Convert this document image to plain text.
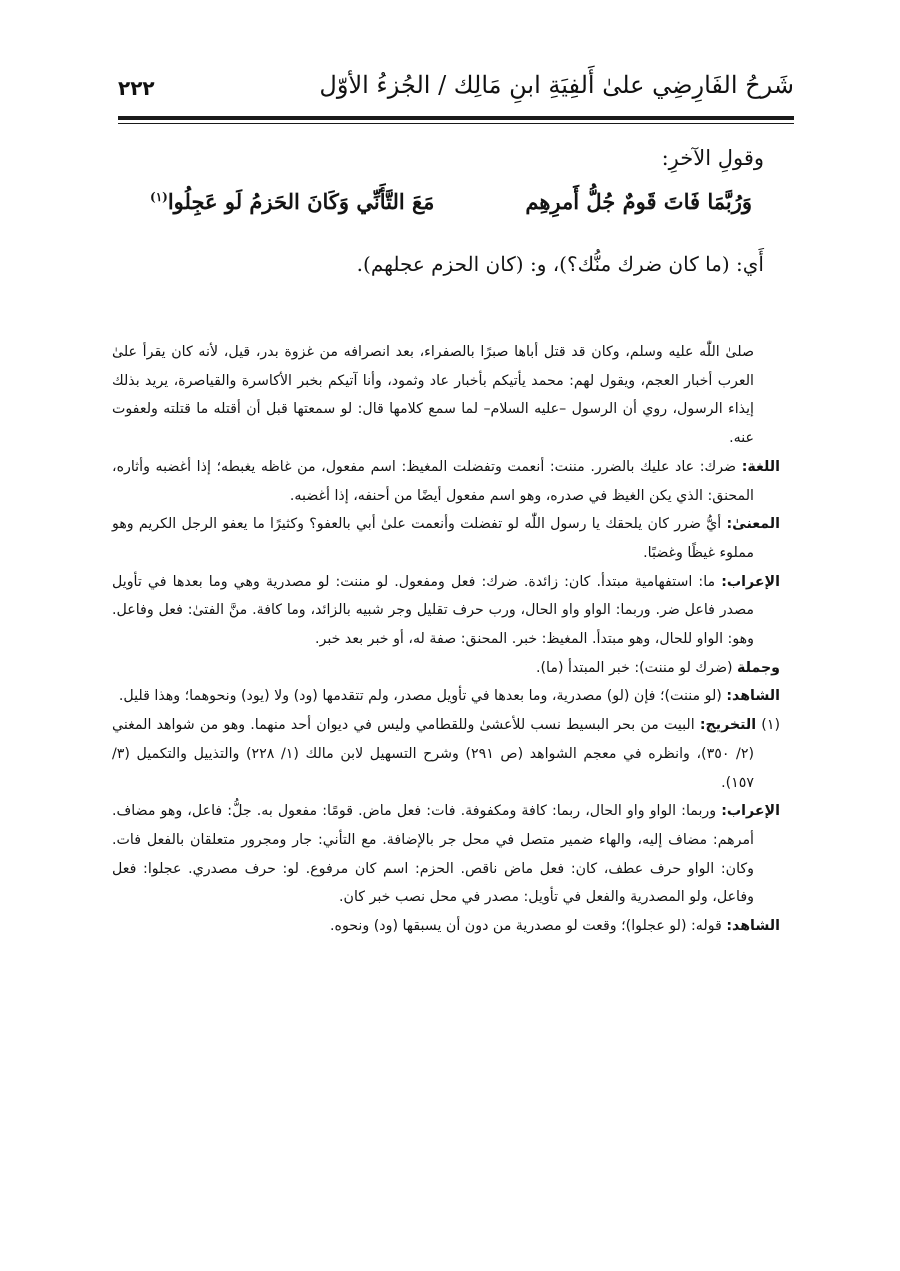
شَرحُ الفَارِضِي علىٰ أَلفِيَةِ ابنِ مَالِك / الجُزءُ الأوّل
٢٢٢

وقولِ الآخرِ:

وَرُبَّمَا فَاتَ قَومٌ جُلُّ أَمرِهِم
مَعَ التَّأَنِّي وَكَانَ الحَزمُ لَو عَجِلُوا$^{(١)}$

أَي: (ما كان ضرك منُّك؟)، و: (كان الحزم عجلهم).

صلىٰ اللّٰه عليه وسلم، وكان قد قتل أباها صبرًا بالصفراء، بعد انصرافه من غزوة بدر، قيل، لأنه كان يقرأ علىٰ العرب أخبار العجم، ويقول لهم: محمد يأتيكم بأخبار عاد وثمود، وأنا آتيكم بخبر الأكاسرة والقياصرة، يريد بذلك إيذاء الرسول، روي أن الرسول –عليه السلام– لما سمع كلامها قال: لو سمعتها قبل أن أقتله ما قتلته ولعفوت عنه.

اللغة: ضرك: عاد عليك بالضرر. مننت: أنعمت وتفضلت المغيظ: اسم مفعول، من غاظه يغبطه؛ إذا أغضبه وأثاره، المحنق: الذي يكن الغيظ في صدره، وهو اسم مفعول أيضًا من أحنفه، إذا أغضبه.

المعنىٰ: أيُّ ضرر كان يلحقك يا رسول اللّٰه لو تفضلت وأنعمت علىٰ أبي بالعفو؟ وكثيرًا ما يعفو الرجل الكريم وهو مملوء غيظًا وغضبًا.

الإعراب: ما: استفهامية مبتدأ. كان: زائدة. ضرك: فعل ومفعول. لو مننت: لو مصدرية وهي وما بعدها في تأويل مصدر فاعل ضر. وربما: الواو واو الحال، ورب حرف تقليل وجر شبيه بالزائد، وما كافة. منَّ الفتىٰ: فعل وفاعل. وهو: الواو للحال، وهو مبتدأ. المغيظ: خبر. المحنق: صفة له، أو خبر بعد خبر.

وجملة (ضرك لو مننت): خبر المبتدأ (ما).

الشاهد: (لو مننت)؛ فإن (لو) مصدرية، وما بعدها في تأويل مصدر، ولم تتقدمها (ود) ولا (يود) ونحوهما؛ وهذا قليل.

(١) التخريج: البيت من بحر البسيط نسب للأعشىٰ وللقطامي وليس في ديوان أحد منهما. وهو من شواهد المغني (٢/ ٣٥٠)، وانظره في معجم الشواهد (ص ٢٩١) وشرح التسهيل لابن مالك (١/ ٢٢٨) والتذييل والتكميل (٣/ ١٥٧).

الإعراب: وربما: الواو واو الحال، ربما: كافة ومكفوفة. فات: فعل ماض. قومًا: مفعول به. جلُّ: فاعل، وهو مضاف. أمرهم: مضاف إليه، والهاء ضمير متصل في محل جر بالإضافة. مع التأني: جار ومجرور متعلقان بالفعل فات. وكان: الواو حرف عطف، كان: فعل ماض ناقص. الحزم: اسم كان مرفوع. لو: حرف مصدري. عجلوا: فعل وفاعل، ولو المصدرية والفعل في تأويل: مصدر في محل نصب خبر كان.

الشاهد: قوله: (لو عجلوا)؛ وقعت لو مصدرية من دون أن يسبقها (ود) ونحوه.
